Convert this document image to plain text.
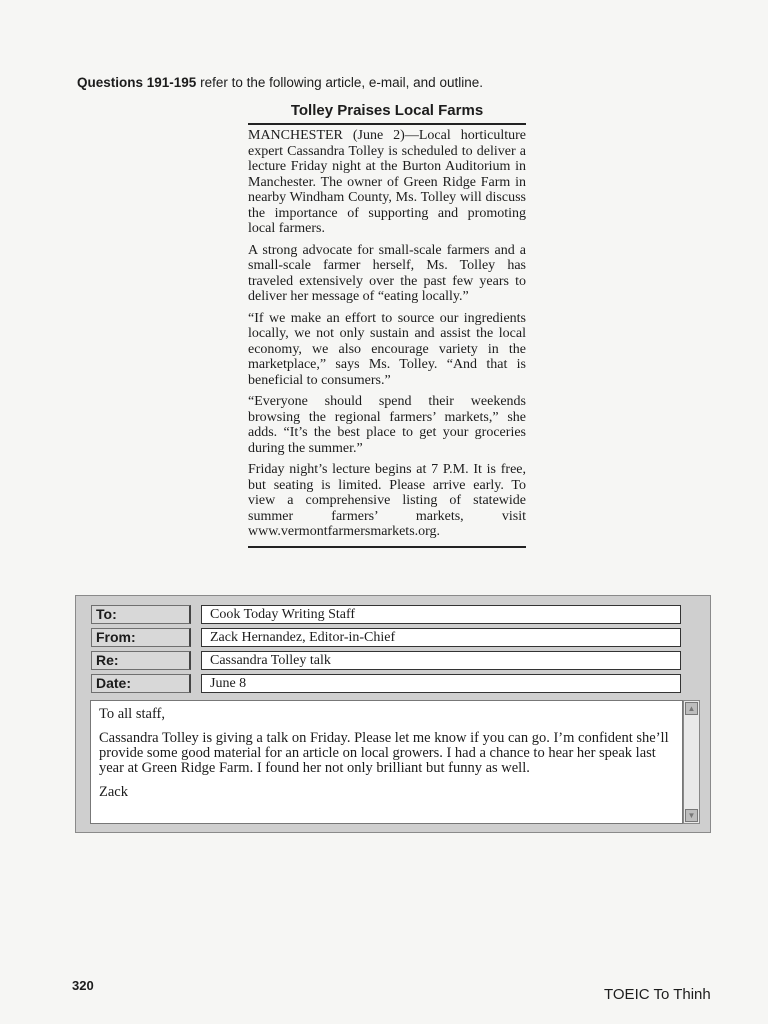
Questions 191-195 refer to the following article, e-mail, and outline.
Tolley Praises Local Farms

MANCHESTER (June 2)—Local horticulture expert Cassandra Tolley is scheduled to deliver a lecture Friday night at the Burton Auditorium in Manchester. The owner of Green Ridge Farm in nearby Windham County, Ms. Tolley will discuss the importance of supporting and promoting local farmers.

A strong advocate for small-scale farmers and a small-scale farmer herself, Ms. Tolley has traveled extensively over the past few years to deliver her message of “eating locally.”

“If we make an effort to source our ingredients locally, we not only sustain and assist the local economy, we also encourage variety in the marketplace,” says Ms. Tolley. “And that is beneficial to consumers.”

“Everyone should spend their weekends browsing the regional farmers’ markets,” she adds. “It’s the best place to get your groceries during the summer.”

Friday night’s lecture begins at 7 P.M. It is free, but seating is limited. Please arrive early. To view a comprehensive listing of statewide summer farmers’ markets, visit www.vermontfarmersmarkets.org.

To:	Cook Today Writing Staff
From:	Zack Hernandez, Editor-in-Chief
Re:	Cassandra Tolley talk
Date:	June 8

To all staff,

Cassandra Tolley is giving a talk on Friday. Please let me know if you can go. I’m confident she’ll provide some good material for an article on local growers. I had a chance to hear her speak last year at Green Ridge Farm. I found her not only brilliant but funny as well.

Zack

▲
▼
320
TOEIC To Thinh
